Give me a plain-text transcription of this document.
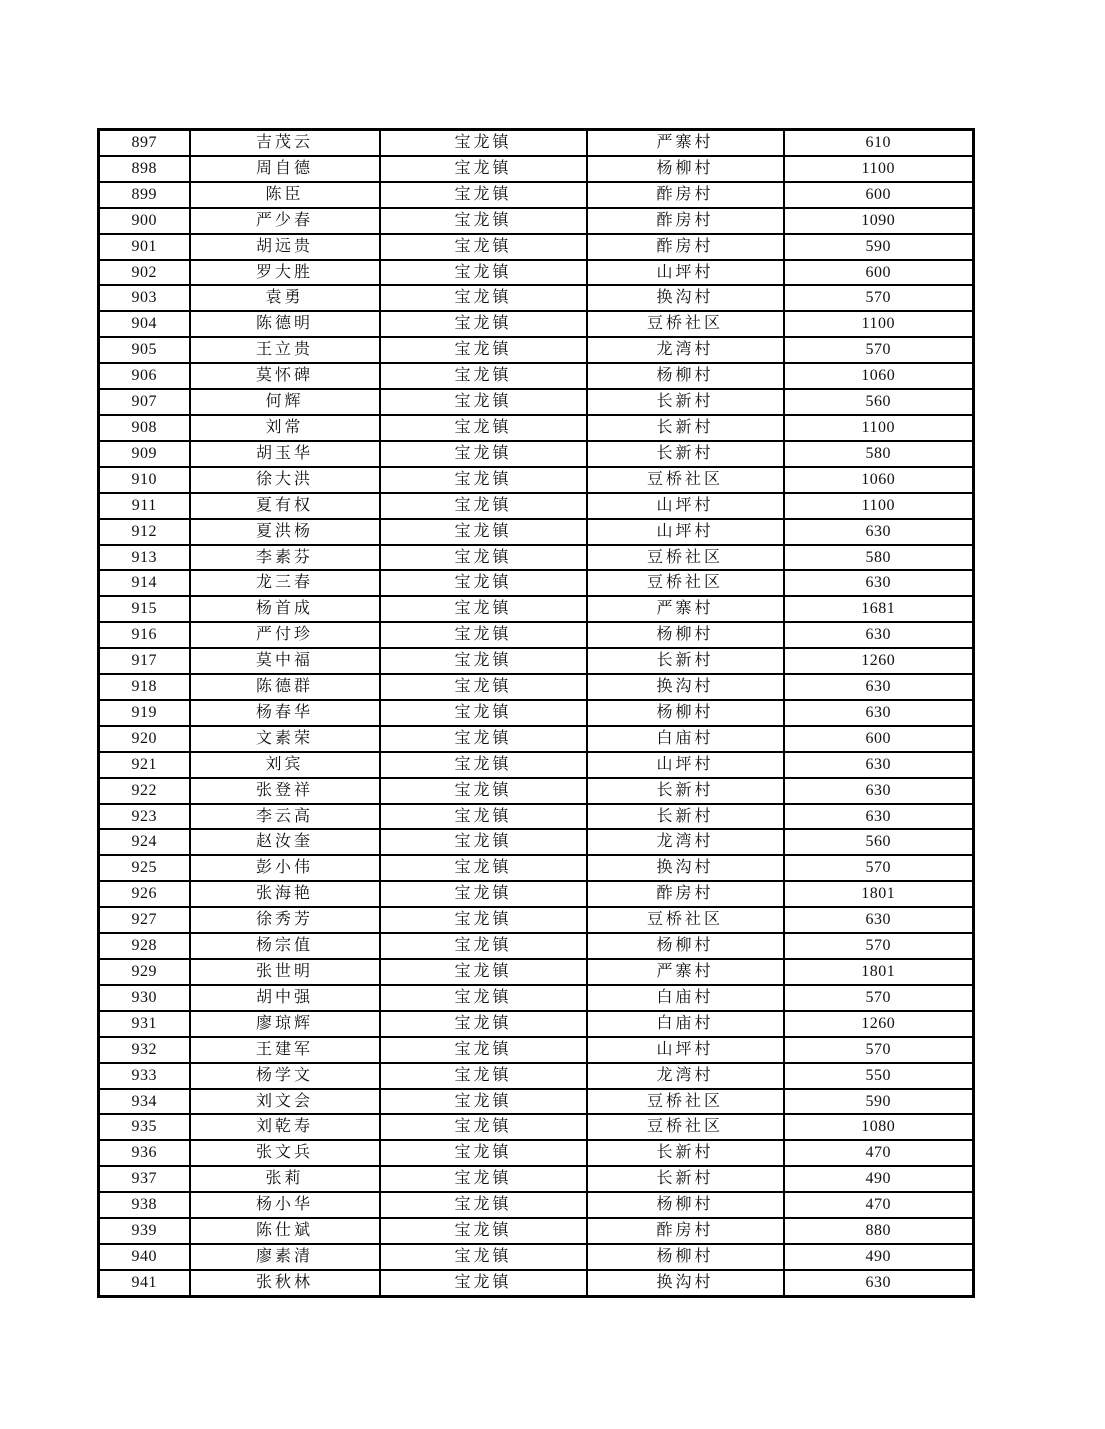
897	吉茂云	宝龙镇	严寨村	610
898	周自德	宝龙镇	杨柳村	1100
899	陈臣	宝龙镇	酢房村	600
900	严少春	宝龙镇	酢房村	1090
901	胡远贵	宝龙镇	酢房村	590
902	罗大胜	宝龙镇	山坪村	600
903	袁勇	宝龙镇	换沟村	570
904	陈德明	宝龙镇	豆桥社区	1100
905	王立贵	宝龙镇	龙湾村	570
906	莫怀碑	宝龙镇	杨柳村	1060
907	何辉	宝龙镇	长新村	560
908	刘常	宝龙镇	长新村	1100
909	胡玉华	宝龙镇	长新村	580
910	徐大洪	宝龙镇	豆桥社区	1060
911	夏有权	宝龙镇	山坪村	1100
912	夏洪杨	宝龙镇	山坪村	630
913	李素芬	宝龙镇	豆桥社区	580
914	龙三春	宝龙镇	豆桥社区	630
915	杨首成	宝龙镇	严寨村	1681
916	严付珍	宝龙镇	杨柳村	630
917	莫中福	宝龙镇	长新村	1260
918	陈德群	宝龙镇	换沟村	630
919	杨春华	宝龙镇	杨柳村	630
920	文素荣	宝龙镇	白庙村	600
921	刘宾	宝龙镇	山坪村	630
922	张登祥	宝龙镇	长新村	630
923	李云高	宝龙镇	长新村	630
924	赵汝奎	宝龙镇	龙湾村	560
925	彭小伟	宝龙镇	换沟村	570
926	张海艳	宝龙镇	酢房村	1801
927	徐秀芳	宝龙镇	豆桥社区	630
928	杨宗值	宝龙镇	杨柳村	570
929	张世明	宝龙镇	严寨村	1801
930	胡中强	宝龙镇	白庙村	570
931	廖琼辉	宝龙镇	白庙村	1260
932	王建军	宝龙镇	山坪村	570
933	杨学文	宝龙镇	龙湾村	550
934	刘文会	宝龙镇	豆桥社区	590
935	刘乾寿	宝龙镇	豆桥社区	1080
936	张文兵	宝龙镇	长新村	470
937	张莉	宝龙镇	长新村	490
938	杨小华	宝龙镇	杨柳村	470
939	陈仕斌	宝龙镇	酢房村	880
940	廖素清	宝龙镇	杨柳村	490
941	张秋林	宝龙镇	换沟村	630
